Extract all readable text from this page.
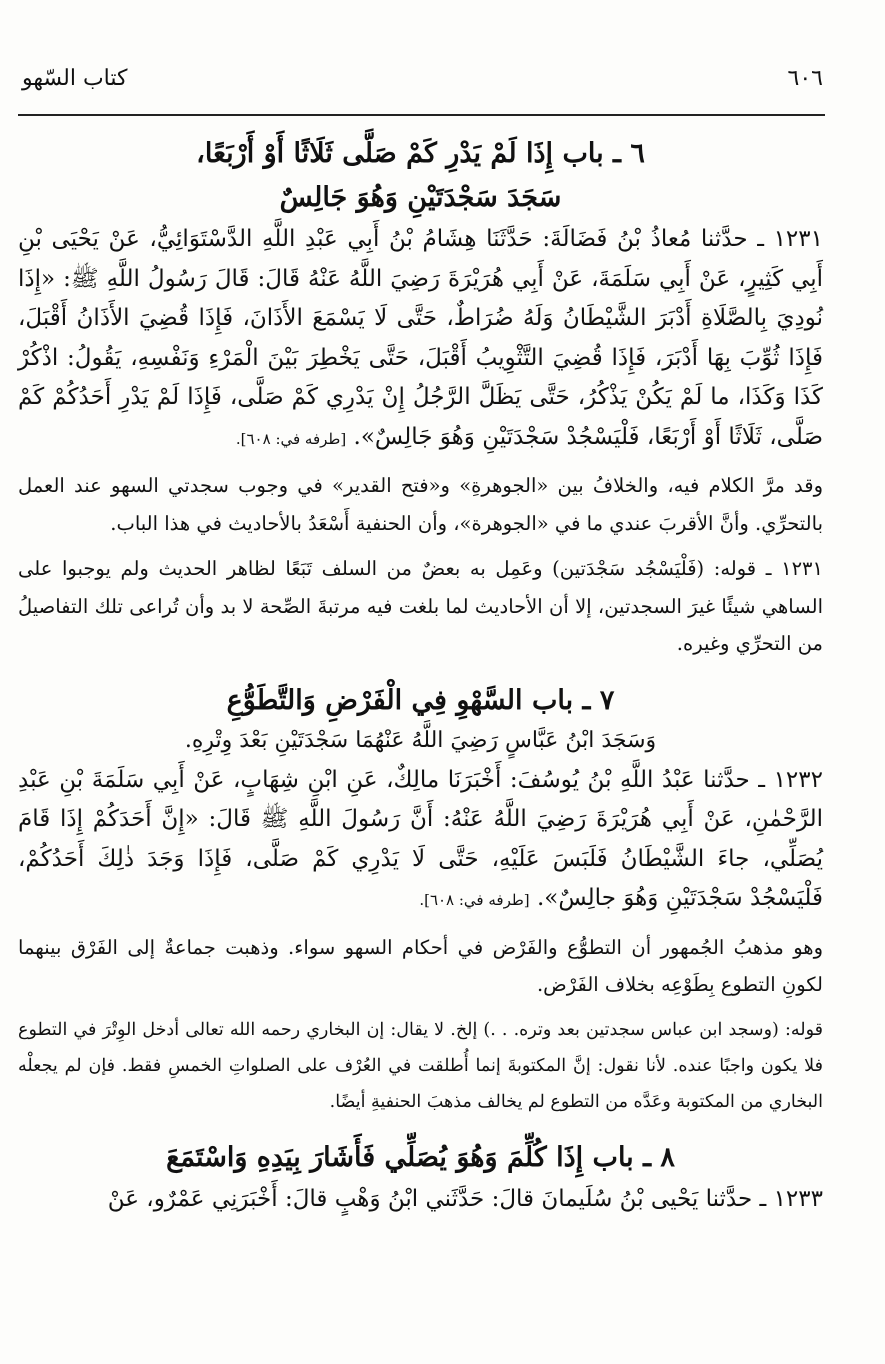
٦٠٦
كتاب السّهو

٦ ـ باب إِذَا لَمْ يَدْرِ كَمْ صَلَّى ثَلَاثًا أَوْ أَرْبَعًا،

سَجَدَ سَجْدَتَيْنِ وَهُوَ جَالِسٌ

١٢٣١ ـ حدَّثنا مُعاذُ بْنُ فَضَالَةَ: حَدَّثَنَا هِشَامُ بْنُ أَبِي عَبْدِ اللَّهِ الدَّسْتَوَائِيُّ، عَنْ يَحْيَى بْنِ أَبِي كَثِيرٍ، عَنْ أَبِي سَلَمَةَ، عَنْ أَبِي هُرَيْرَةَ رَضِيَ اللَّهُ عَنْهُ قَالَ: قَالَ رَسُولُ اللَّهِ ﷺ: «إِذَا نُودِيَ بِالصَّلَاةِ أَدْبَرَ الشَّيْطَانُ وَلَهُ ضُرَاطٌ، حَتَّى لَا يَسْمَعَ الأَذَانَ، فَإِذَا قُضِيَ الأَذَانُ أَقْبَلَ، فَإِذَا ثُوِّبَ بِهَا أَدْبَرَ، فَإِذَا قُضِيَ التَّثْوِيبُ أَقْبَلَ، حَتَّى يَخْطِرَ بَيْنَ الْمَرْءِ وَنَفْسِهِ، يَقُولُ: اذْكُرْ كَذَا وَكَذَا، ما لَمْ يَكُنْ يَذْكُرُ، حَتَّى يَظَلَّ الرَّجُلُ إِنْ يَدْرِي كَمْ صَلَّى، فَإِذَا لَمْ يَدْرِ أَحَدُكُمْ كَمْ صَلَّى، ثَلَاثًا أَوْ أَرْبَعًا، فَلْيَسْجُدْ سَجْدَتَيْنِ وَهُوَ جَالِسٌ». [طرفه في: ٦٠٨].

وقد مرَّ الكلام فيه، والخلافُ بين «الجوهرةِ» و«فتح القدير» في وجوب سجدتي السهو عند العمل بالتحرِّي. وأنَّ الأقربَ عندي ما في «الجوهرة»، وأن الحنفية أَسْعَدُ بالأحاديث في هذا الباب.

١٢٣١ ـ قوله: (فَلْيَسْجُد سَجْدَتين) وعَمِل به بعضٌ من السلف تَبَعًا لظاهر الحديث ولم يوجبوا على الساهي شيئًا غيرَ السجدتين، إلا أن الأحاديث لما بلغت فيه مرتبةَ الصِّحة لا بد وأن تُراعى تلك التفاصيلُ من التحرِّي وغيره.

٧ ـ باب السَّهْوِ فِي الْفَرْضِ وَالتَّطَوُّعِ

وَسَجَدَ ابْنُ عَبَّاسٍ رَضِيَ اللَّهُ عَنْهُمَا سَجْدَتَيْنِ بَعْدَ وِتْرِهِ.

١٢٣٢ ـ حدَّثنا عَبْدُ اللَّهِ بْنُ يُوسُفَ: أَخْبَرَنَا مالِكٌ، عَنِ ابْنِ شِهَابٍ، عَنْ أَبِي سَلَمَةَ بْنِ عَبْدِ الرَّحْمٰنِ، عَنْ أَبِي هُرَيْرَةَ رَضِيَ اللَّهُ عَنْهُ: أَنَّ رَسُولَ اللَّهِ ﷺ قَالَ: «إِنَّ أَحَدَكُمْ إِذَا قَامَ يُصَلِّي، جاءَ الشَّيْطَانُ فَلَبَسَ عَلَيْهِ، حَتَّى لَا يَدْرِي كَمْ صَلَّى، فَإِذَا وَجَدَ ذٰلِكَ أَحَدُكُمْ، فَلْيَسْجُدْ سَجْدَتَيْنِ وَهُوَ جالِسٌ». [طرفه في: ٦٠٨].

وهو مذهبُ الجُمهور أن التطوُّع والفَرْض في أحكام السهو سواء. وذهبت جماعةٌ إلى الفَرْق بينهما لكونِ التطوع بِطَوْعِه بخلاف الفَرْض.

قوله: (وسجد ابن عباس سجدتين بعد وتره. . .) إلخ. لا يقال: إن البخاري رحمه الله تعالى أدخل الوِتْرَ في التطوع فلا يكون واجبًا عنده. لأنا نقول: إنَّ المكتوبةَ إنما أُطلقت في العُرْف على الصلواتِ الخمسِ فقط. فإن لم يجعلْه البخاري من المكتوبة وعَدَّه من التطوع لم يخالف مذهبَ الحنفيةِ أيضًا.

٨ ـ باب إِذَا كُلِّمَ وَهُوَ يُصَلِّي فَأَشَارَ بِيَدِهِ وَاسْتَمَعَ

١٢٣٣ ـ حدَّثنا يَحْيى بْنُ سُلَيمانَ قالَ: حَدَّثَني ابْنُ وَهْبٍ قالَ: أَخْبَرَنِي عَمْرٌو، عَنْ
